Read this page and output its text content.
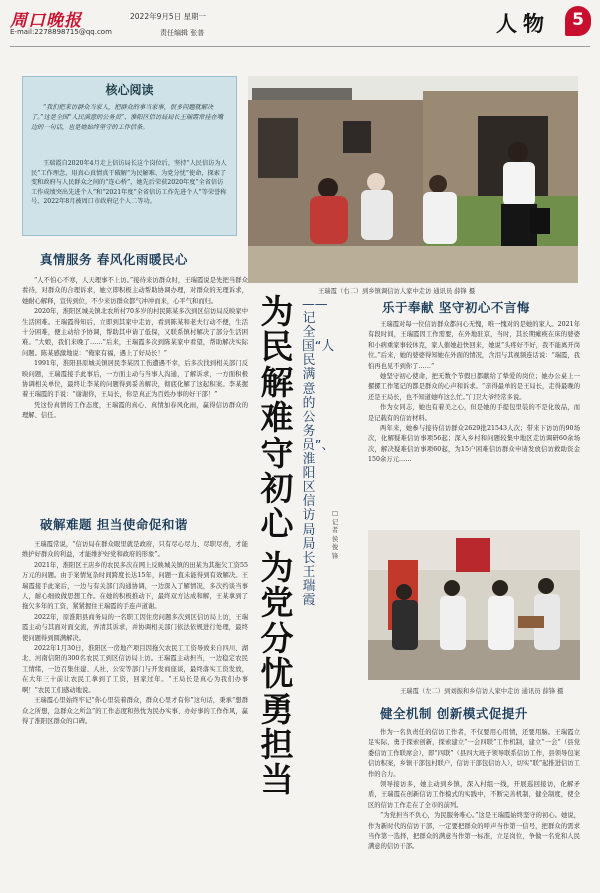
周口晚报
E-mail:2278898715@qq.com
2022年9月5日 星期一
责任编辑 张普	人物	5
核心阅读
“我们把来访群众当家人，把群众的事当家事，很多问题就解决了。”这是全国“人民满意的公务员”、淮阳区信访局局长王瑞霞常挂在嘴边的一句话，也是她始终坚守的工作信条。
王瑞霞自2020年4月走上信访局长这个岗位后，坚持“人民信访为人民”工作理念，用真心真情真干破解“为民解难、为党分忧”使命，探索了变和政府与人民群众之间的“连心桥”，她先后荣获2020年度“全省信访工作成绩突出先进个人”和“2021年度“全省信访工作先进个人”等荣誉称号，2022年8月被周口市政府记个人二等功。
王瑞霞（右二）到乡镇调信访人家中走访 通讯员 薛锋 摄
为民解难守初心
为党分忧勇担当
——记全国“人民满意的公务员”、淮阳区信访局局长王瑞霞
□记者 侯俊锋
真情服务 春风化雨暖民心
“人不怕心不寒，人天理事不上访。”接待来访群众时，王瑞霞说是先把当群众看待，对群众的合理诉求，她立即积极主动帮助协调办理，对群众的无理诉求，她耐心解释，宣传到位，不少来访群众都气冲冲而来，心平气和而归。
2020年，淮阳区城关镇北农所村70多岁的村民陈某多次到区信访局反映家中生活困难。王瑞霞得知后，立即到其家中走访，看到陈某和老夫行动不便，生活十分困难，便主动给予协调，帮助其申请了低保，又联系镇村解决了部分生活困难。“大娘，我们来晚了……”后来，王瑞霞多次到陈某家中看望，帮助解决实际问题。陈某感激地说：“俺家有福，遇上了好局长！”
1991年，淮阳县原城关镇居民李某因工伤遭遇不幸，后多次找到相关部门反映问题，王瑞霞接手此事后，一方面主动与当事人沟通，了解诉求，一方面积极协调相关单位，最终让李某的问题得到妥善解决，彻底化解了这起积案。李某握着王瑞霞的手说：“谢谢你，王局长，你是真正为百姓办事的好干部！”
凭这份真情的工作态度，王瑞霞的真心、真情加春风化雨，赢得信访群众的理解、信任。
破解难题 担当使命促和谐
王瑞霞常说，“信访局在群众眼里就是政府，只有尽心尽力、尽职尽责，才能维护好群众的利益，才能维护好党和政府的形象”。
2021年，淮阳区王店乡的农民多次在网上反映城关镇的田某为其拖欠工资55万元的问题。由于案情复杂时间跨度长达15年，问题一直未能得到有效解决。王瑞霞接手此案后，一边与有关部门沟通协调，一边深入了解情况，多次约谈当事人，耐心细致做思想工作。在她的积极推动下，最终双方达成和解，王某拿到了拖欠多年的工资，紧紧握住王瑞霞的手连声道谢。
2022年，原淮阳县商务局的一名职工因住房问题多次到区信访局上访，王瑞霞主动与其面对面交流，弄清其诉求，并协调相关部门依法依规进行处理，最终使问题得到圆满解决。
2022年1月30日，淮阳区一房地产项目因拖欠农民工工资导致来自四川、湖北、河南信阳的300名农民工到区信访局上访。王瑞霞主动担当，一边稳定农民工情绪，一边召集住建、人社、公安等部门与开发商座谈，最终落实工资发放，在大年三十前让农民工拿到了工资，回家过年。“王局长是真心为我们办事啊！”农民工们感动地说。
王瑞霞心里始终牢记“你心里装着群众，群众心里才有你”这句话，秉承“想群众之所想，急群众之所急”的工作态度和热忱为民办实事、办好事的工作作风，赢得了淮阳区群众的口碑。
乐于奉献 坚守初心不言悔
王瑞霞对每一位信访群众都问心无愧，唯一愧对的是她的家人。2021年有段时间，王瑞霞因工作需要，在外地驻京，当时，其长期瘫痪在床的婆婆和小病重家事较休克，家人催她赶快回来，她说“头疼好不好，我不能离开岗位。”后来，她的婆婆得知她在外面的情况，含泪与其视频连话说：“瑞霞，我怕再也见不到你了……”
她坚守初心使命，把无数个节假日都献给了挚爱的岗位；她办公桌上一摞摞工作笔记的都是群众的心声和诉求。“亲得最单的是王局长，走得最晚的还是王局长，也不知道她咋这么忙。”门卫大爷经常多说。
作为女同志，她也有着美之心，但是她的手提包里装的不是化妆品，而是记载有的信访材料。
两年来，她参与接待信访群众2629批21543人次；带来下访访的90场次，化解疑难信访事项56起；深入乡村和问题较集中地区走访调研60余场次，解决疑难信访事项60起，为15户困难信访群众申请发放信访救助资金150余万元……
王瑞霞（左二）到刘振和乡信访人家中走访 通讯员 薛锋 摄
健全机制 创新模式促提升
作为一名负责任的信访工作者，不仅要用心用情，还要用脑。王瑞霞立足实际，勇于探索创新，探索建立“一会四联”工作机制，建立“一会”（县党委信访工作联席会），即“四联”（县四大班子领导联系信访工作，县领导包案信访积案，乡镇干部包村联户，信访干部包信访人），切实“联”起推进信访工作的合力。
领导接访多，她主动到乡镇，深入村组一线，开展巡回接访，化解矛盾，王瑞霞在创新信访工作模式的实践中，不断完善机制，健全制度，使全区的信访工作走在了全市的前列。
“为党担当不负心，为民服务唯心。”这是王瑞霞始终坚守的初心。她说，作为新时代的信访干部，一定要把群众的呼声当作第一信号，把群众的需求当作第一选择，把群众的满意当作第一标准，立足岗位，争做一名党和人民满意的信访干部。
